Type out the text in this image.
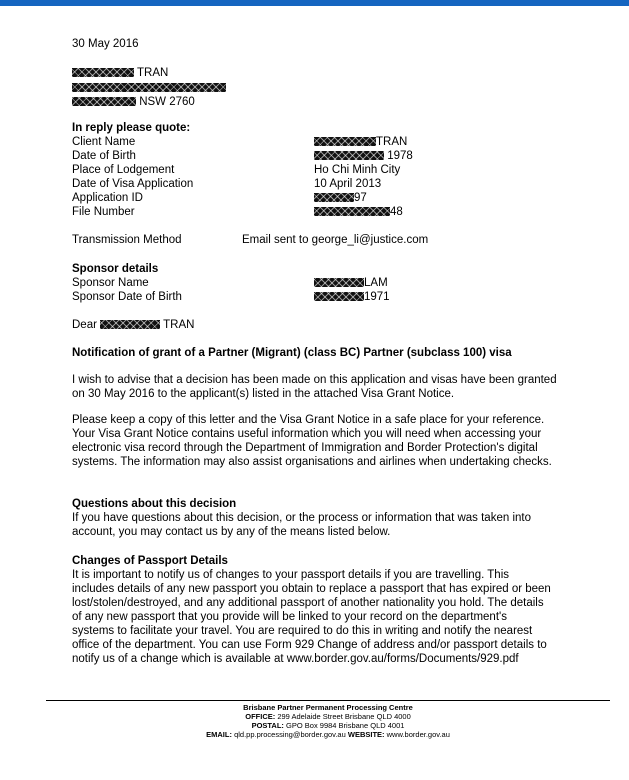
30 May 2016
TRAN
NSW 2760
In reply please quote:
Client Name	TRAN
Date of Birth	1978
Place of Lodgement	Ho Chi Minh City
Date of Visa Application	10 April 2013
Application ID	97
File Number	48
Transmission Method	Email sent to george_li@justice.com
Sponsor details
Sponsor Name	LAM
Sponsor Date of Birth	1971
Dear	TRAN
Notification of grant of a Partner (Migrant) (class BC) Partner (subclass 100) visa
I wish to advise that a decision has been made on this application and visas have been granted on 30 May 2016 to the applicant(s) listed in the attached Visa Grant Notice.
Please keep a copy of this letter and the Visa Grant Notice in a safe place for your reference. Your Visa Grant Notice contains useful information which you will need when accessing your electronic visa record through the Department of Immigration and Border Protection's digital systems. The information may also assist organisations and airlines when undertaking checks.
Questions about this decision
If you have questions about this decision, or the process or information that was taken into account, you may contact us by any of the means listed below.
Changes of Passport Details
It is important to notify us of changes to your passport details if you are travelling. This includes details of any new passport you obtain to replace a passport that has expired or been lost/stolen/destroyed, and any additional passport of another nationality you hold. The details of any new passport that you provide will be linked to your record on the department's systems to facilitate your travel. You are required to do this in writing and notify the nearest office of the department. You can use Form 929 Change of address and/or passport details to notify us of a change which is available at www.border.gov.au/forms/Documents/929.pdf
Brisbane Partner Permanent Processing Centre
OFFICE: 299 Adelaide Street Brisbane QLD 4000
POSTAL: GPO Box 9984 Brisbane QLD 4001
EMAIL: qld.pp.processing@border.gov.au WEBSITE: www.border.gov.au
